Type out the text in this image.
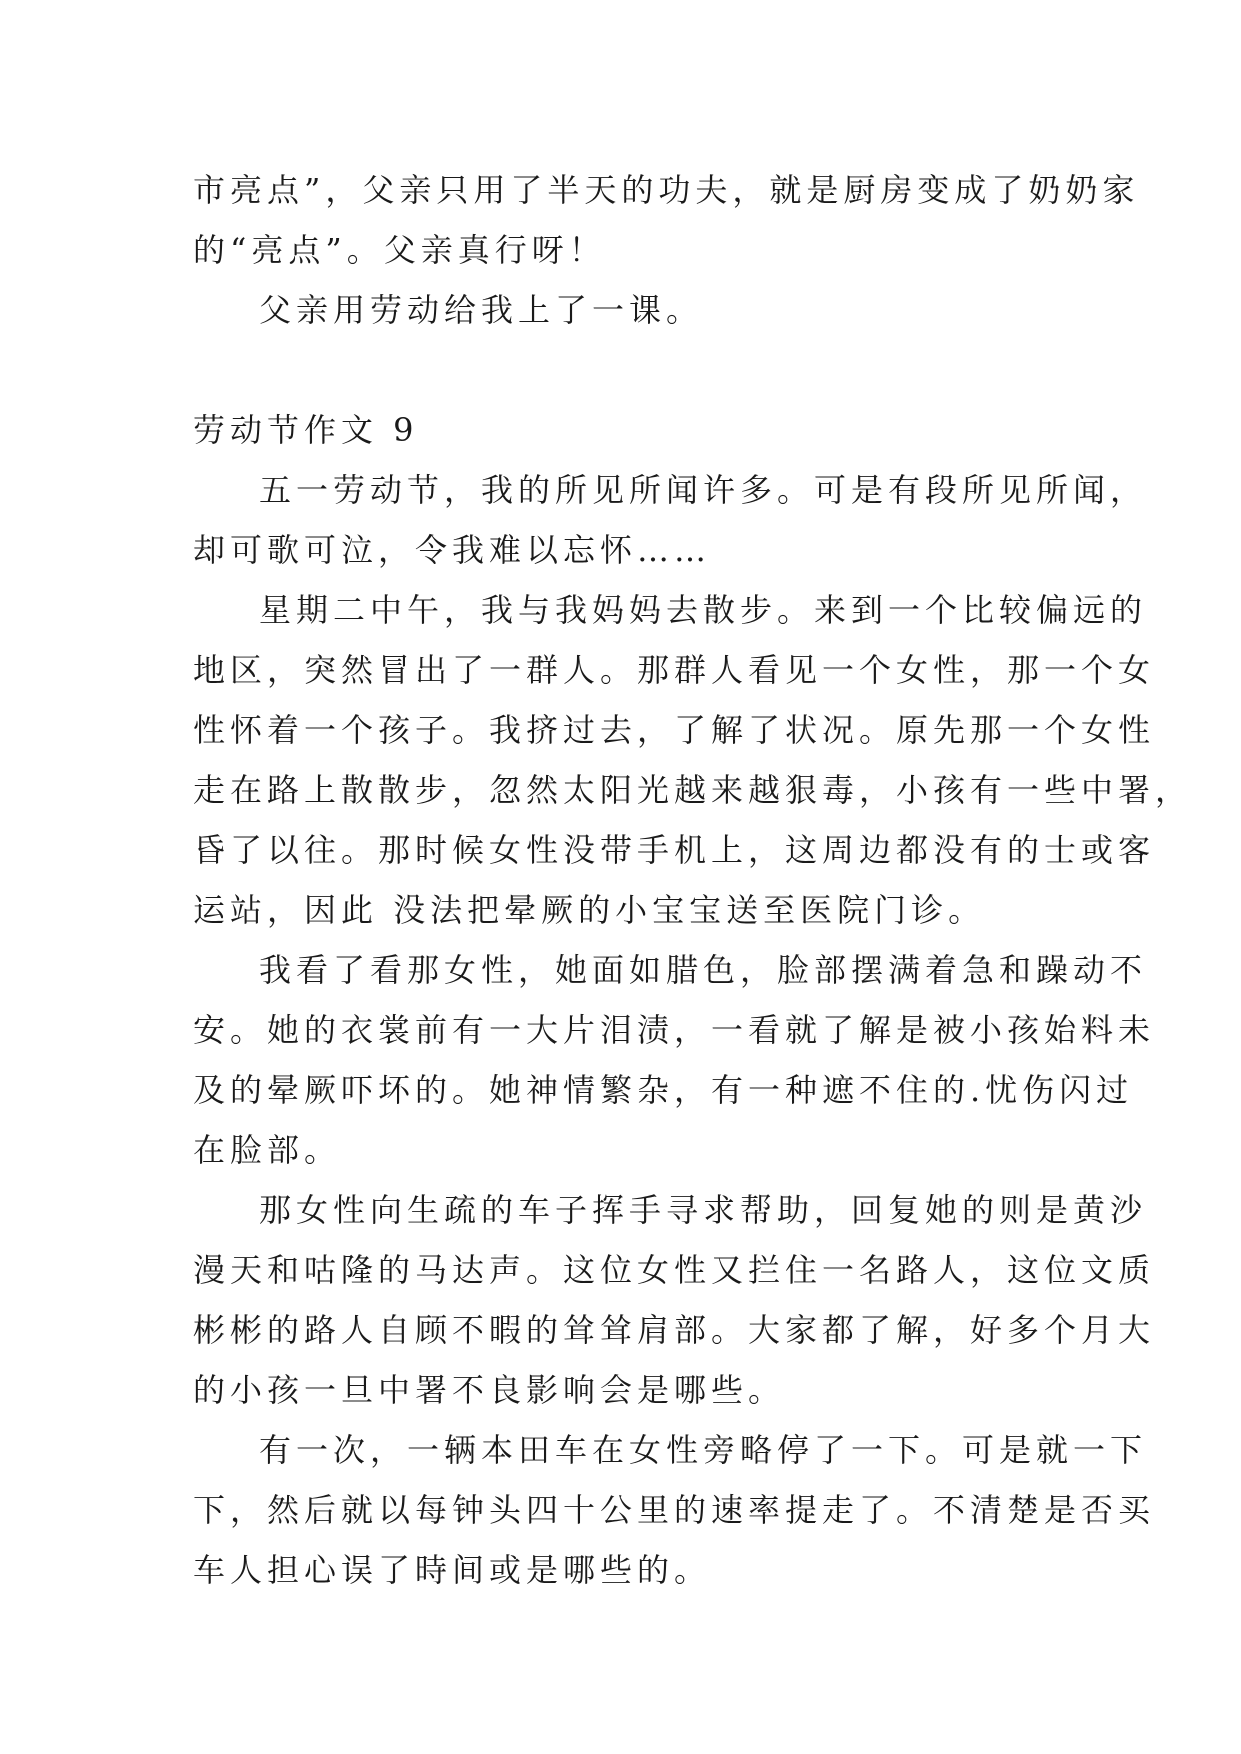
市亮点”，父亲只用了半天的功夫，就是厨房变成了奶奶家
的“亮点”。父亲真行呀！
父亲用劳动给我上了一课。
劳动节作文 9
五一劳动节，我的所见所闻许多。可是有段所见所闻，
却可歌可泣，令我难以忘怀……
星期二中午，我与我妈妈去散步。来到一个比较偏远的
地区，突然冒出了一群人。那群人看见一个女性，那一个女
性怀着一个孩子。我挤过去，了解了状况。原先那一个女性
走在路上散散步，忽然太阳光越来越狠毒，小孩有一些中署，
昏了以往。那时候女性没带手机上，这周边都没有的士或客
运站，因此 没法把晕厥的小宝宝送至医院门诊。
我看了看那女性，她面如腊色，脸部摆满着急和躁动不
安。她的衣裳前有一大片泪渍，一看就了解是被小孩始料未
及的晕厥吓坏的。她神情繁杂，有一种遮不住的.忧伤闪过
在脸部。
那女性向生疏的车子挥手寻求帮助，回复她的则是黄沙
漫天和咕隆的马达声。这位女性又拦住一名路人，这位文质
彬彬的路人自顾不暇的耸耸肩部。大家都了解，好多个月大
的小孩一旦中署不良影响会是哪些。
有一次，一辆本田车在女性旁略停了一下。可是就一下
下，然后就以每钟头四十公里的速率提走了。不清楚是否买
车人担心误了時间或是哪些的。
